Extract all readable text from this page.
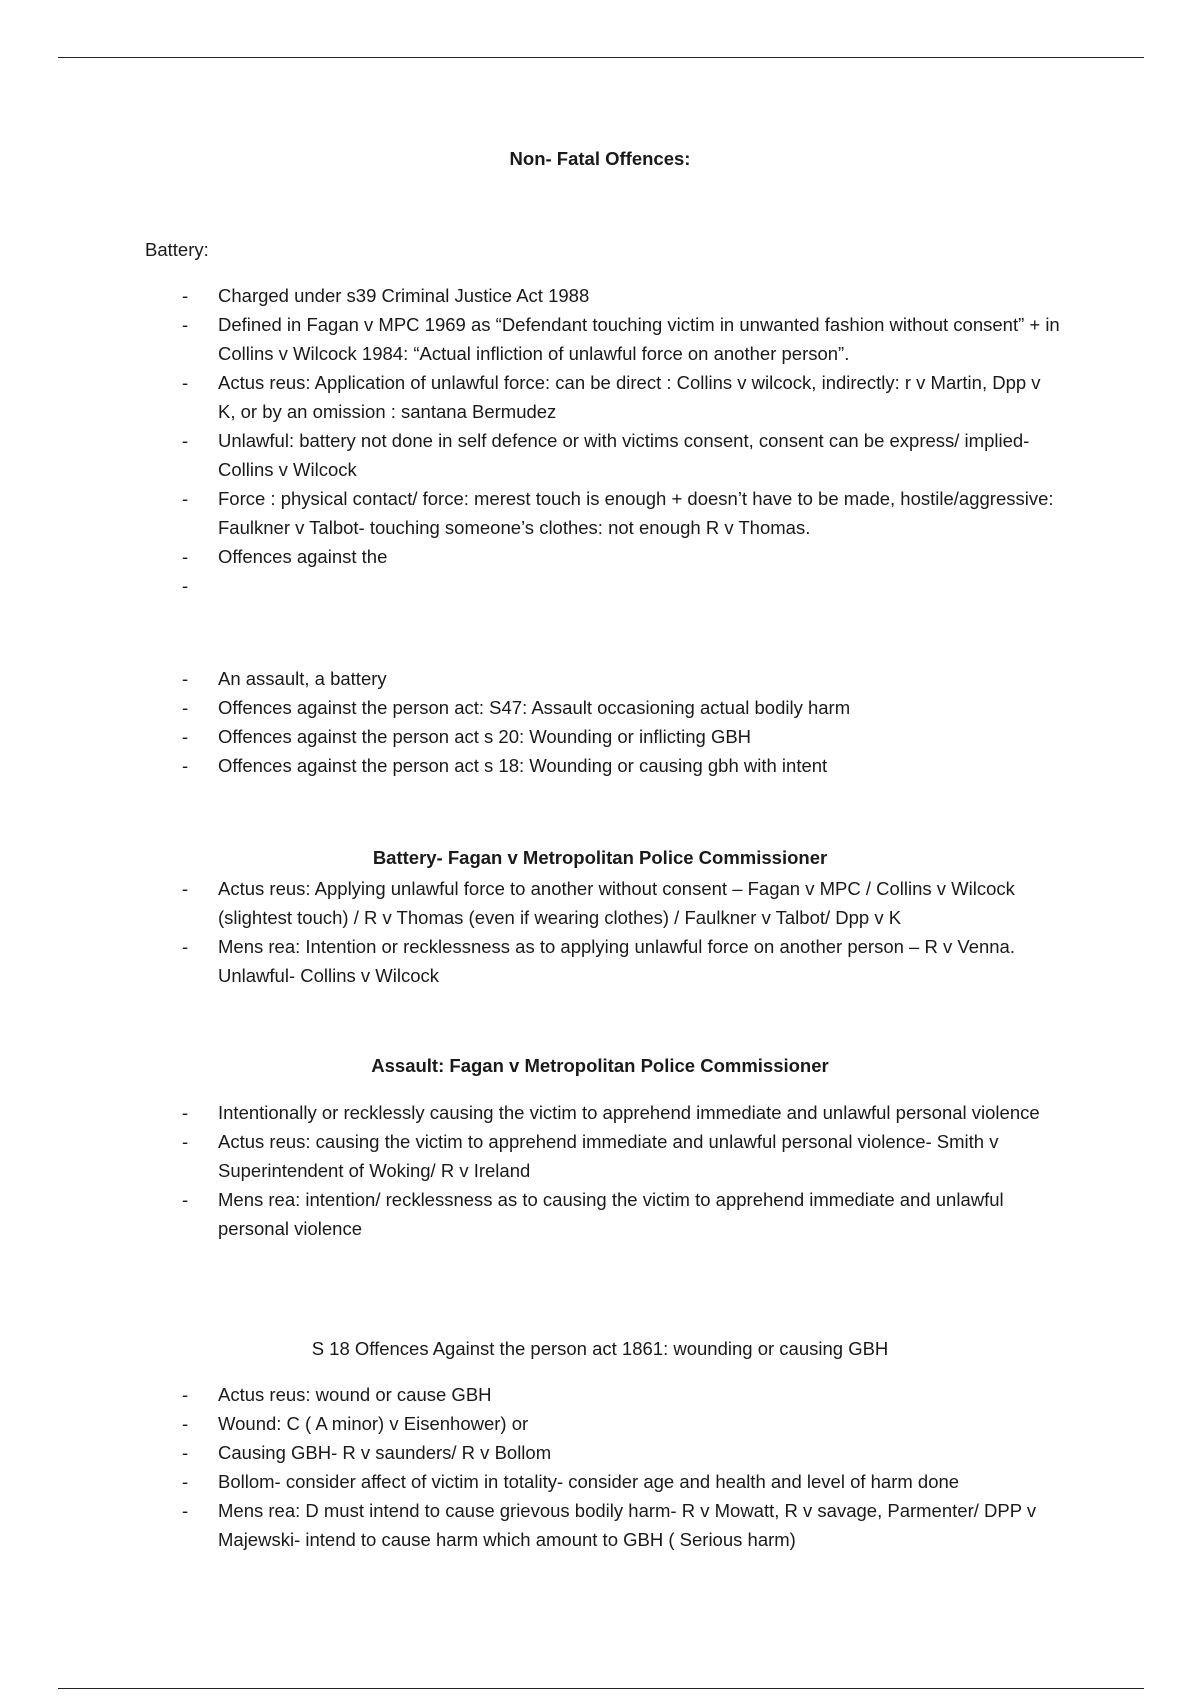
Non- Fatal Offences:

Battery:

- Charged under s39 Criminal Justice Act 1988
- Defined in Fagan v MPC 1969 as “Defendant touching victim in unwanted fashion without consent” + in Collins v Wilcock 1984: “Actual infliction of unlawful force on another person”.
- Actus reus: Application of unlawful force: can be direct : Collins v wilcock, indirectly: r v Martin, Dpp v K, or by an omission : santana Bermudez
- Unlawful: battery not done in self defence or with victims consent, consent can be express/ implied- Collins v Wilcock
- Force : physical contact/ force: merest touch is enough + doesn’t have to be made, hostile/aggressive: Faulkner v Talbot- touching someone’s clothes: not enough R v Thomas.
- Offences against the
-
- An assault, a battery
- Offences against the person act: S47: Assault occasioning actual bodily harm
- Offences against the person act s 20: Wounding or inflicting GBH
- Offences against the person act s 18: Wounding or causing gbh with intent
Battery- Fagan v Metropolitan Police Commissioner
- Actus reus: Applying unlawful force to another without consent – Fagan v MPC / Collins v Wilcock (slightest touch) / R v Thomas (even if wearing clothes) / Faulkner v Talbot/ Dpp v K
- Mens rea: Intention or recklessness as to applying unlawful force on another person – R v Venna. Unlawful- Collins v Wilcock
Assault: Fagan v Metropolitan Police Commissioner
- Intentionally or recklessly causing the victim to apprehend immediate and unlawful personal violence
- Actus reus: causing the victim to apprehend immediate and unlawful personal violence- Smith v Superintendent of Woking/ R v Ireland
- Mens rea: intention/ recklessness as to causing the victim to apprehend immediate and unlawful personal violence
S 18 Offences Against the person act 1861: wounding or causing GBH
- Actus reus: wound or cause GBH
- Wound: C ( A minor) v Eisenhower) or
- Causing GBH- R v saunders/ R v Bollom
- Bollom- consider affect of victim in totality- consider age and health and level of harm done
- Mens rea: D must intend to cause grievous bodily harm- R v Mowatt, R v savage, Parmenter/ DPP v Majewski- intend to cause harm which amount to GBH ( Serious harm)
